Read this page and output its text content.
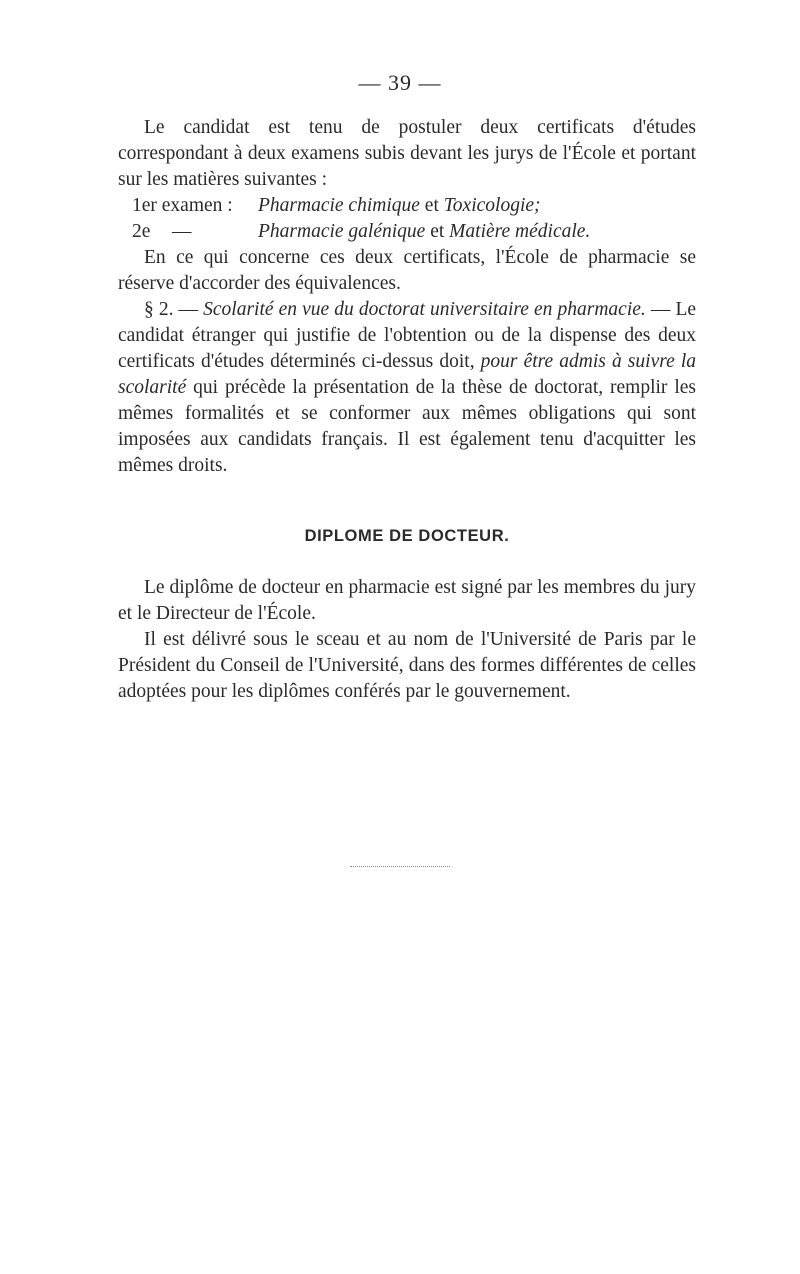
— 39 —

Le candidat est tenu de postuler deux certificats d'études correspondant à deux examens subis devant les jurys de l'École et portant sur les matières suivantes :

1er examen :	Pharmacie chimique et Toxicologie;

2e	—	Pharmacie galénique et Matière médicale.

En ce qui concerne ces deux certificats, l'École de pharmacie se réserve d'accorder des équivalences.

§ 2. — Scolarité en vue du doctorat universitaire en pharmacie. — Le candidat étranger qui justifie de l'obtention ou de la dispense des deux certificats d'études déterminés ci-dessus doit, pour être admis à suivre la scolarité qui précède la présentation de la thèse de doctorat, remplir les mêmes formalités et se conformer aux mêmes obligations qui sont imposées aux candidats français. Il est également tenu d'acquitter les mêmes droits.

DIPLOME DE DOCTEUR.

Le diplôme de docteur en pharmacie est signé par les membres du jury et le Directeur de l'École.

Il est délivré sous le sceau et au nom de l'Université de Paris par le Président du Conseil de l'Université, dans des formes différentes de celles adoptées pour les diplômes conférés par le gouvernement.
